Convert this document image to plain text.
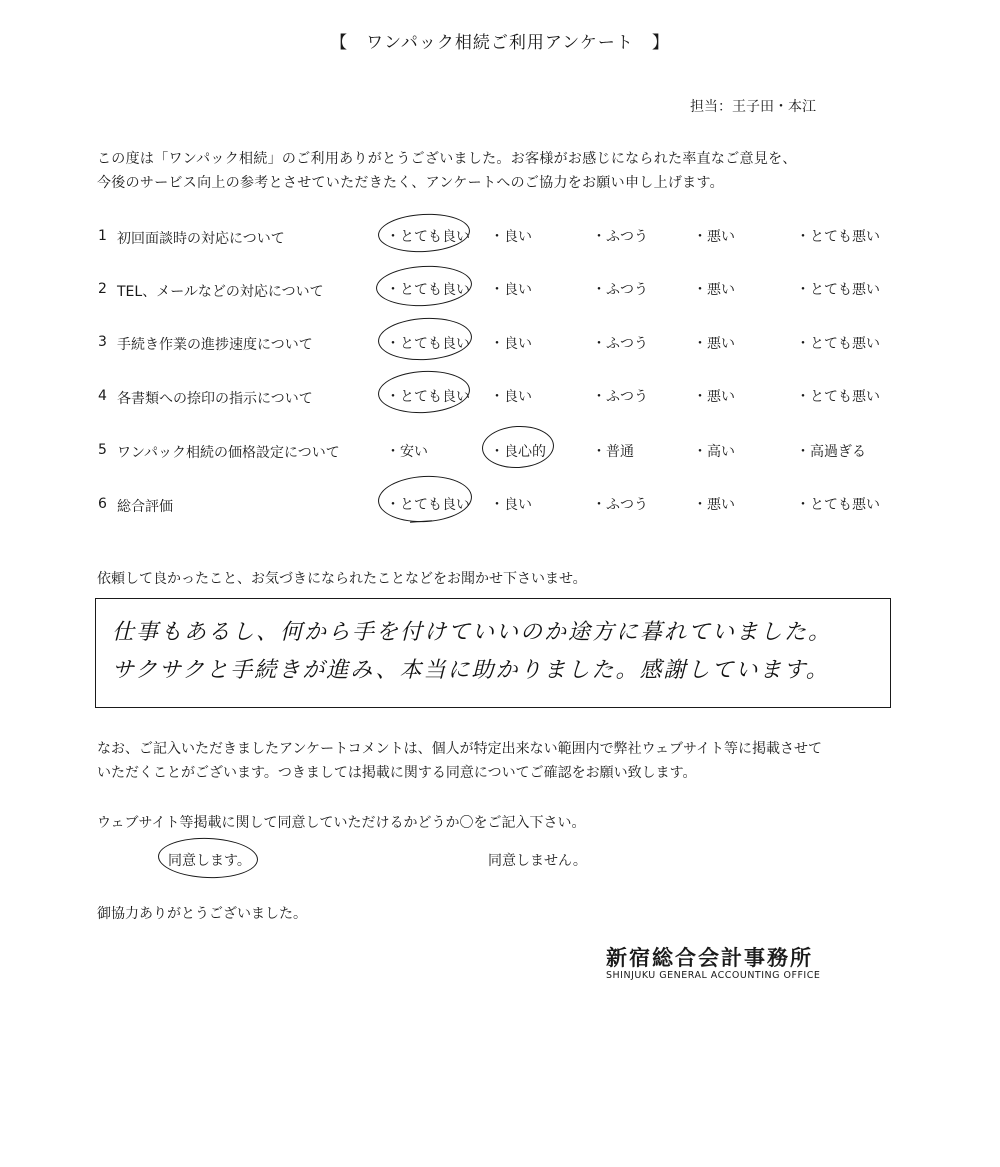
【　ワンパック相続ご利用アンケート　】
担当：王子田・本江
この度は「ワンパック相続」のご利用ありがとうございました。お客様がお感じになられた率直なご意見を、
今後のサービス向上の参考とさせていただきたく、アンケートへのご協力をお願い申し上げます。
1 初回面談時の対応について	・とても良い ・良い	・ふつう	・悪い	・とても悪い
2 TEL、メールなどの対応について	・とても良い ・良い	・ふつう	・悪い	・とても悪い
3 手続き作業の進捗速度について	・とても良い ・良い	・ふつう	・悪い	・とても悪い
4 各書類への捺印の指示について	・とても良い ・良い	・ふつう	・悪い	・とても悪い
5 ワンパック相続の価格設定について	・安い	・良心的	・普通	・高い	・高過ぎる
6 総合評価	・とても良い ・良い	・ふつう	・悪い	・とても悪い
依頼して良かったこと、お気づきになられたことなどをお聞かせ下さいませ。
仕事もあるし、何から手を付けていいのか途方に暮れていました。
サクサクと手続きが進み、本当に助かりました。感謝しています。
なお、ご記入いただきましたアンケートコメントは、個人が特定出来ない範囲内で弊社ウェブサイト等に掲載させて
いただくことがございます。つきましては掲載に関する同意についてご確認をお願い致します。
ウェブサイト等掲載に関して同意していただけるかどうか〇をご記入下さい。
同意します。	同意しません。
御協力ありがとうございました。
新宿総合会計事務所
SHINJUKU GENERAL ACCOUNTING OFFICE
